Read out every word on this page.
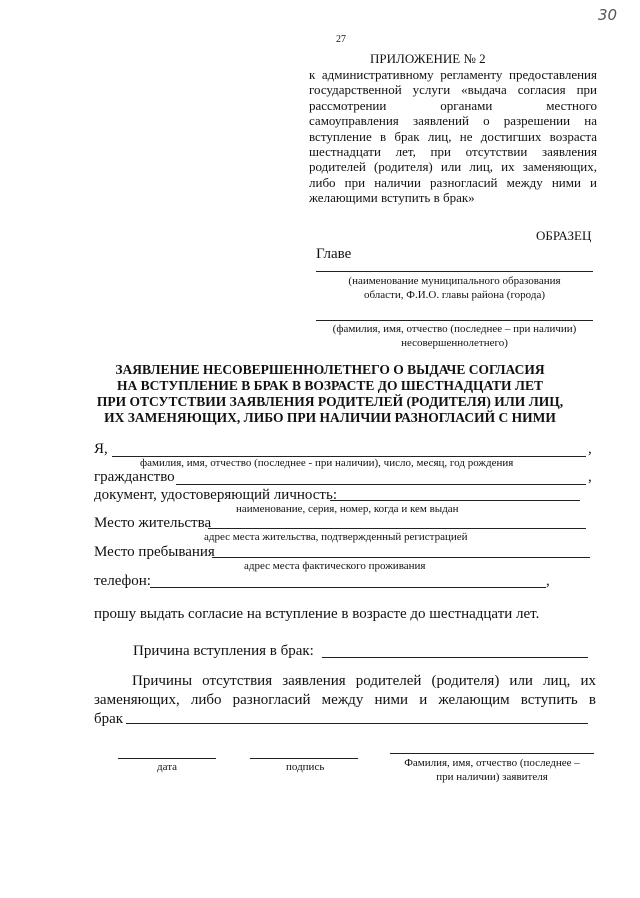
30
27
ПРИЛОЖЕНИЕ № 2
к административному регламенту предоставления
государственной услуги «выдача согласия при
рассмотрении органами местного
самоуправления заявлений о разрешении на
вступление в брак лиц, не достигших возраста
шестнадцати лет, при отсутствии заявления
родителей (родителя) или лиц, их заменяющих,
либо при наличии разногласий между ними и
желающими вступить в брак»
ОБРАЗЕЦ
Главе
(наименование муниципального образования
области, Ф.И.О. главы района (города)
(фамилия, имя, отчество (последнее – при наличии)
несовершеннолетнего)
ЗАЯВЛЕНИЕ НЕСОВЕРШЕННОЛЕТНЕГО О ВЫДАЧЕ СОГЛАСИЯ
НА ВСТУПЛЕНИЕ В БРАК В ВОЗРАСТЕ ДО ШЕСТНАДЦАТИ ЛЕТ
ПРИ ОТСУТСТВИИ ЗАЯВЛЕНИЯ РОДИТЕЛЕЙ (РОДИТЕЛЯ) ИЛИ ЛИЦ,
ИХ ЗАМЕНЯЮЩИХ, ЛИБО ПРИ НАЛИЧИИ РАЗНОГЛАСИЙ С НИМИ
Я,	,
фамилия, имя, отчество (последнее - при наличии), число, месяц, год рождения
гражданство	,
документ, удостоверяющий личность:
наименование, серия, номер, когда и кем выдан
Место жительства
адрес места жительства, подтвержденный регистрацией
Место пребывания
адрес места фактического проживания
телефон:	,
прошу выдать согласие на вступление в возрасте до шестнадцати лет.
Причина вступления в брак:
Причины отсутствия заявления родителей (родителя) или лиц, их
заменяющих, либо разногласий между ними и желающим вступить в
брак
дата	подпись	Фамилия, имя, отчество (последнее –
при наличии) заявителя
